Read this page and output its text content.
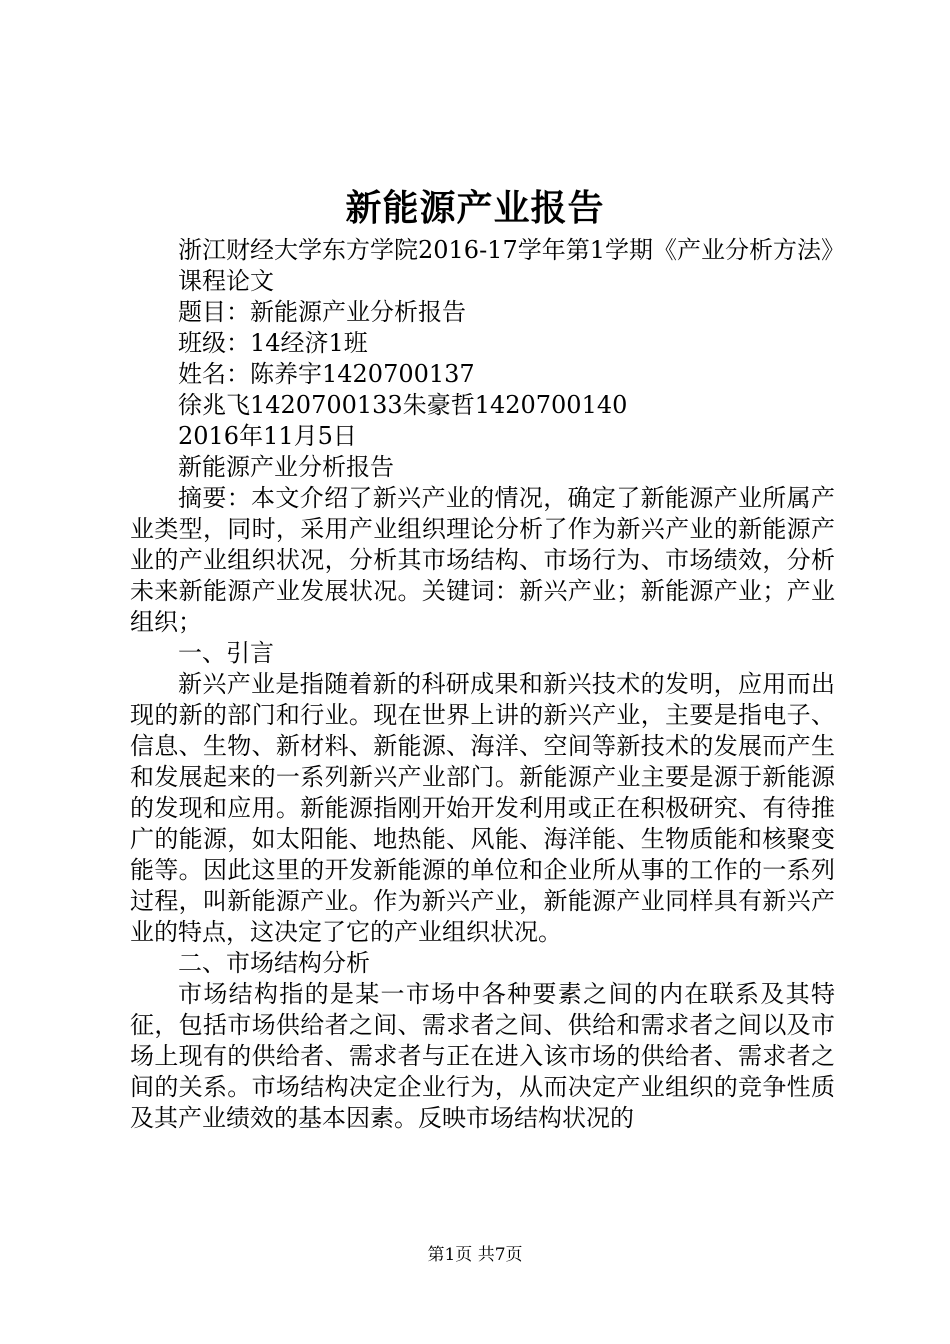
新能源产业报告

浙江财经大学东方学院2016-17学年第1学期《产业分析方法》

课程论文

题目：新能源产业分析报告

班级：14经济1班

姓名：陈养宇1420700137

徐兆飞1420700133朱豪哲1420700140

2016年11月5日

新能源产业分析报告

摘要：本文介绍了新兴产业的情况，确定了新能源产业所属产业类型，同时，采用产业组织理论分析了作为新兴产业的新能源产业的产业组织状况，分析其市场结构、市场行为、市场绩效，分析未来新能源产业发展状况。关键词：新兴产业；新能源产业；产业组织；

一、引言

新兴产业是指随着新的科研成果和新兴技术的发明，应用而出现的新的部门和行业。现在世界上讲的新兴产业，主要是指电子、信息、生物、新材料、新能源、海洋、空间等新技术的发展而产生和发展起来的一系列新兴产业部门。新能源产业主要是源于新能源的发现和应用。新能源指刚开始开发利用或正在积极研究、有待推广的能源，如太阳能、地热能、风能、海洋能、生物质能和核聚变能等。因此这里的开发新能源的单位和企业所从事的工作的一系列过程，叫新能源产业。作为新兴产业，新能源产业同样具有新兴产业的特点，这决定了它的产业组织状况。

二、市场结构分析

市场结构指的是某一市场中各种要素之间的内在联系及其特征，包括市场供给者之间、需求者之间、供给和需求者之间以及市场上现有的供给者、需求者与正在进入该市场的供给者、需求者之间的关系。市场结构决定企业行为，从而决定产业组织的竞争性质及其产业绩效的基本因素。反映市场结构状况的

第1页 共7页
